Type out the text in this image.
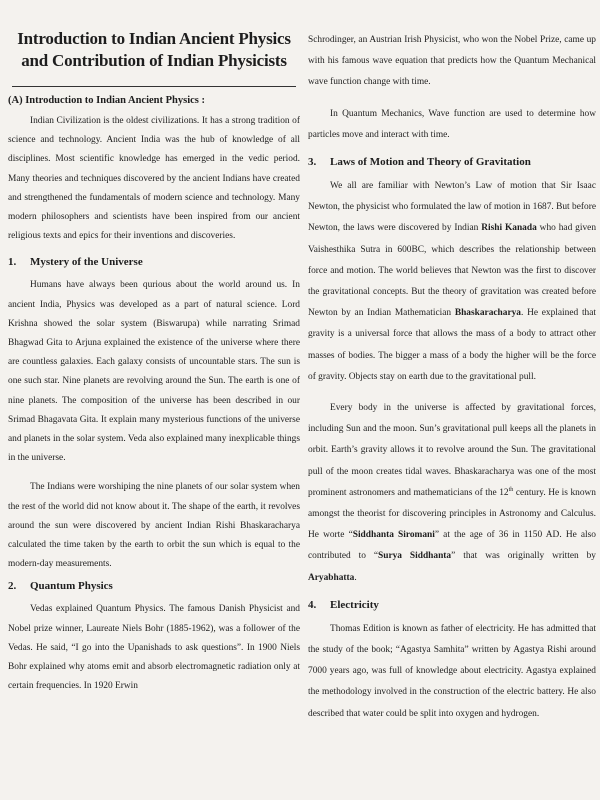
Introduction to Indian Ancient Physics
and Contribution of Indian Physicists
(A) Introduction to Indian Ancient Physics :

Indian Civilization is the oldest civilizations. It has a strong tradition of science and technology. Ancient India was the hub of knowledge of all disciplines. Most scientific knowledge has emerged in the vedic period. Many theories and techniques discovered by the ancient Indians have created and strengthened the fundamentals of modern science and technology. Many modern philosophers and scientists have been inspired from our ancient religious texts and epics for their inventions and discoveries.

1. Mystery of the Universe

Humans have always been qurious about the world around us. In ancient India, Physics was developed as a part of natural science. Lord Krishna showed the solar system (Biswarupa) while narrating Srimad Bhagwad Gita to Arjuna explained the existence of the universe where there are countless galaxies. Each galaxy consists of uncountable stars. The sun is one such star. Nine planets are revolving around the Sun. The earth is one of nine planets. The composition of the universe has been described in our Srimad Bhagavata Gita. It explain many mysterious functions of the universe and planets in the solar system. Veda also explained many inexplicable things in the universe.

The Indians were worshiping the nine planets of our solar system when the rest of the world did not know about it. The shape of the earth, it revolves around the sun were discovered by ancient Indian Rishi Bhaskaracharya calculated the time taken by the earth to orbit the sun which is equal to the modern-day measurements.

2. Quantum Physics

Vedas explained Quantum Physics. The famous Danish Physicist and Nobel prize winner, Laureate Niels Bohr (1885-1962), was a follower of the Vedas. He said, “I go into the Upanishads to ask questions”. In 1900 Niels Bohr explained why atoms emit and absorb electromagnetic radiation only at certain frequencies. In 1920 Erwin

Schrodinger, an Austrian Irish Physicist, who won the Nobel Prize, came up with his famous wave equation that predicts how the Quantum Mechanical wave function change with time.

In Quantum Mechanics, Wave function are used to determine how particles move and interact with time.

3. Laws of Motion and Theory of Gravitation

We all are familiar with Newton’s Law of motion that Sir Isaac Newton, the physicist who formulated the law of motion in 1687. But before Newton, the laws were discovered by Indian Rishi Kanada who had given Vaishesthika Sutra in 600BC, which describes the relationship between force and motion. The world believes that Newton was the first to discover the gravitational concepts. But the theory of gravitation was created before Newton by an Indian Mathematician Bhaskaracharya. He explained that gravity is a universal force that allows the mass of a body to attract other masses of bodies. The bigger a mass of a body the higher will be the force of gravity. Objects stay on earth due to the gravitational pull.

Every body in the universe is affected by gravitational forces, including Sun and the moon. Sun’s gravitational pull keeps all the planets in orbit. Earth’s gravity allows it to revolve around the Sun. The gravitational pull of the moon creates tidal waves. Bhaskaracharya was one of the most prominent astronomers and mathematicians of the 12th century. He is known amongst the theorist for discovering principles in Astronomy and Calculus. He worte “Siddhanta Siromani” at the age of 36 in 1150 AD. He also contributed to “Surya Siddhanta” that was originally written by Aryabhatta.

4. Electricity

Thomas Edition is known as father of electricity. He has admitted that the study of the book; “Agastya Samhita” written by Agastya Rishi around 7000 years ago, was full of knowledge about electricity. Agastya explained the methodology involved in the construction of the electric battery. He also described that water could be split into oxygen and hydrogen.
